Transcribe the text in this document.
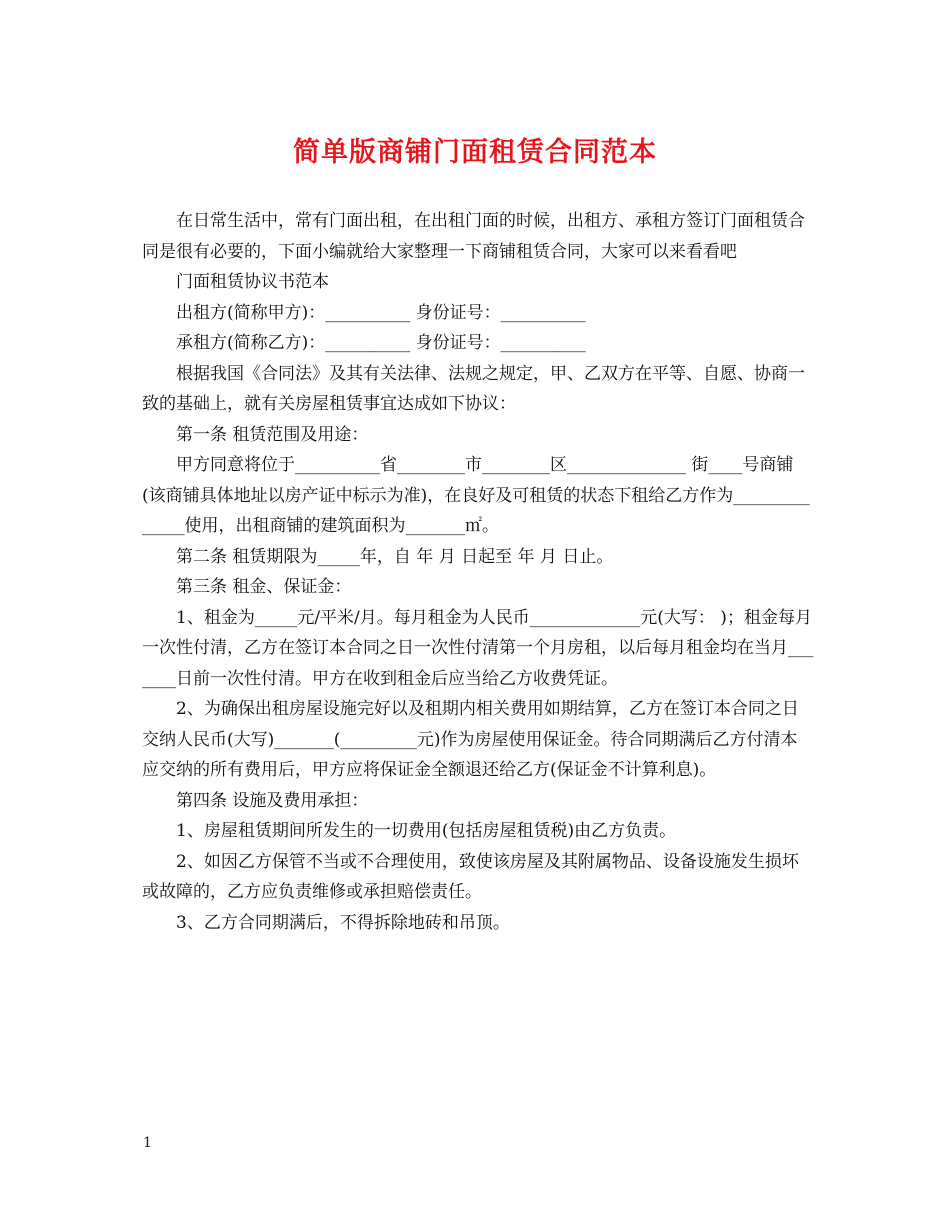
简单版商铺门面租赁合同范本

在日常生活中，常有门面出租，在出租门面的时候，出租方、承租方签订门面租赁合同是很有必要的，下面小编就给大家整理一下商铺租赁合同，大家可以来看看吧

门面租赁协议书范本

出租方(简称甲方)：__________ 身份证号：__________

承租方(简称乙方)：__________ 身份证号：__________

根据我国《合同法》及其有关法律、法规之规定，甲、乙双方在平等、自愿、协商一致的基础上，就有关房屋租赁事宜达成如下协议：

第一条 租赁范围及用途：

甲方同意将位于__________省________市________区______________ 街____号商铺(该商铺具体地址以房产证中标示为准)，在良好及可租赁的状态下租给乙方作为______________使用，出租商铺的建筑面积为_______㎡。

第二条 租赁期限为_____年，自 年 月 日起至 年 月 日止。

第三条 租金、保证金：

1、租金为_____元/平米/月。每月租金为人民币_____________元(大写： )；租金每月一次性付清，乙方在签订本合同之日一次性付清第一个月房租，以后每月租金均在当月_______日前一次性付清。甲方在收到租金后应当给乙方收费凭证。

2、为确保出租房屋设施完好以及租期内相关费用如期结算，乙方在签订本合同之日交纳人民币(大写)_______(_________元)作为房屋使用保证金。待合同期满后乙方付清本应交纳的所有费用后，甲方应将保证金全额退还给乙方(保证金不计算利息)。

第四条 设施及费用承担：

1、房屋租赁期间所发生的一切费用(包括房屋租赁税)由乙方负责。

2、如因乙方保管不当或不合理使用，致使该房屋及其附属物品、设备设施发生损坏或故障的，乙方应负责维修或承担赔偿责任。

3、乙方合同期满后，不得拆除地砖和吊顶。

1
